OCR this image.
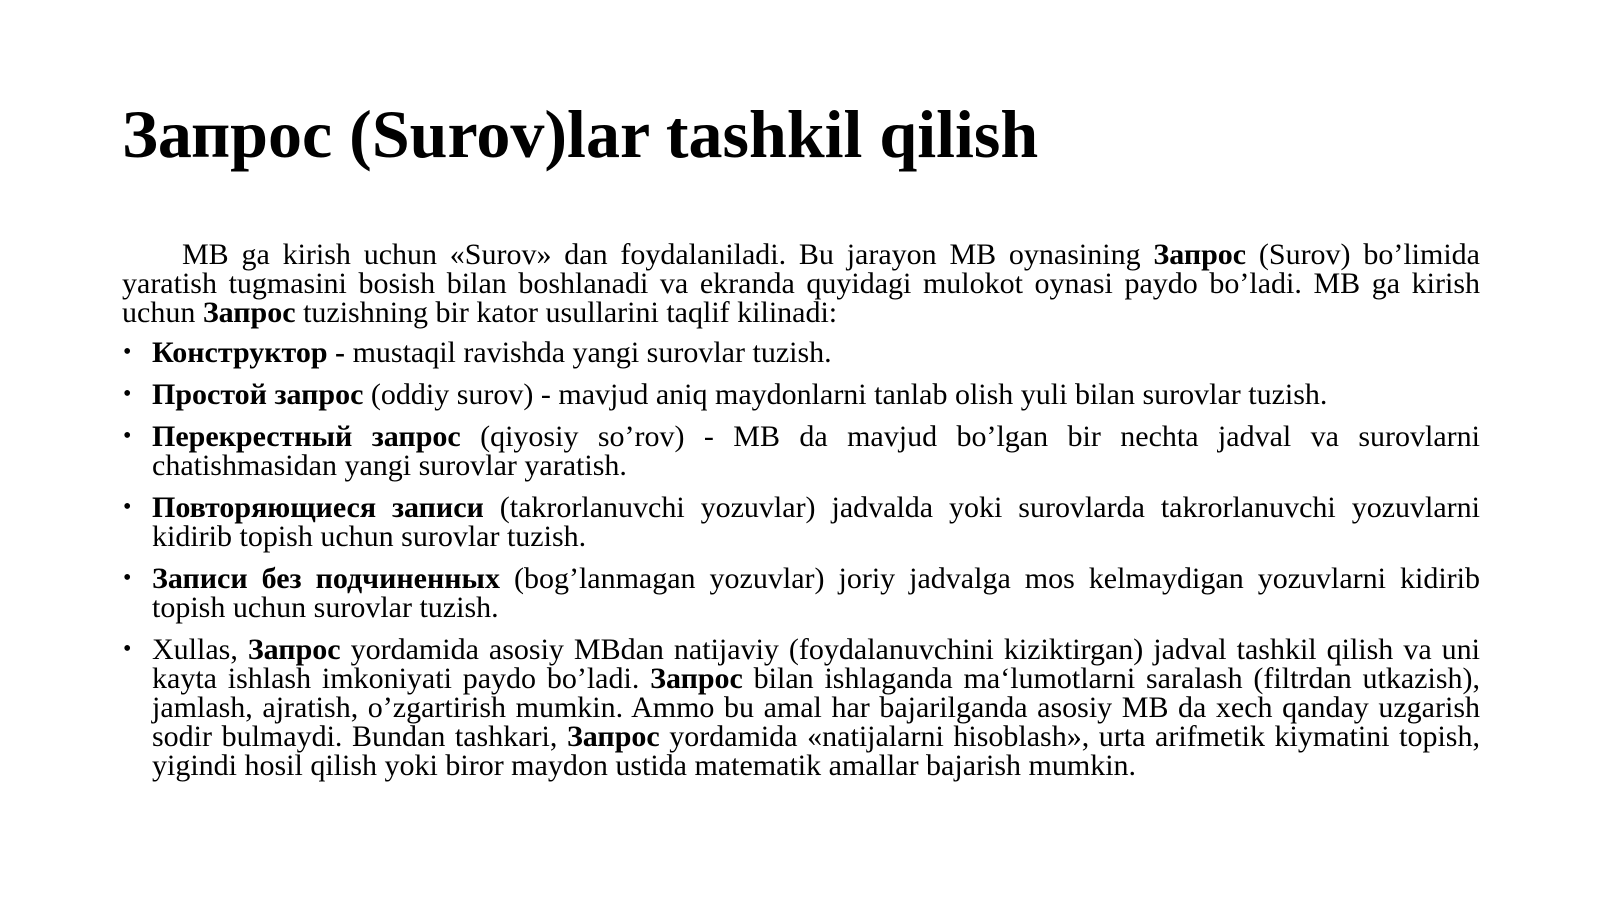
Запрос (Surov)lar tashkil qilish

MB ga kirish uchun «Surov» dan foydalaniladi. Bu jarayon MB oynasining Запрос (Surov) bo’limida yaratish tugmasini bosish bilan boshlanadi va ekranda quyidagi mulokot oynasi paydo bo’ladi. MB ga kirish uchun Запрос tuzishning bir kator usullarini taqlif kilinadi:

• Конструктор - mustaqil ravishda yangi surovlar tuzish.
• Простой запрос (oddiy surov) - mavjud aniq maydonlarni tanlab olish yuli bilan surovlar tuzish.
• Перекрестный запрос (qiyosiy so’rov) - MB da mavjud bo’lgan bir nechta jadval va surovlarni chatishmasidan yangi surovlar yaratish.
• Повторяющиеся записи (takrorlanuvchi yozuvlar) jadvalda yoki surovlarda takrorlanuvchi yozuvlarni kidirib topish uchun surovlar tuzish.
• Записи без подчиненных (bog’lanmagan yozuvlar) joriy jadvalga mos kelmaydigan yozuvlarni kidirib topish uchun surovlar tuzish.
• Xullas, Запрос yordamida asosiy MBdan natijaviy (foydalanuvchini kiziktirgan) jadval tashkil qilish va uni kayta ishlash imkoniyati paydo bo’ladi. Запрос bilan ishlaganda ma‘lumotlarni saralash (filtrdan utkazish), jamlash, ajratish, o’zgartirish mumkin. Ammo bu amal har bajarilganda asosiy MB da xech qanday uzgarish sodir bulmaydi. Bundan tashkari, Запрос yordamida «natijalarni hisoblash», urta arifmetik kiymatini topish, yigindi hosil qilish yoki biror maydon ustida matematik amallar bajarish mumkin.
